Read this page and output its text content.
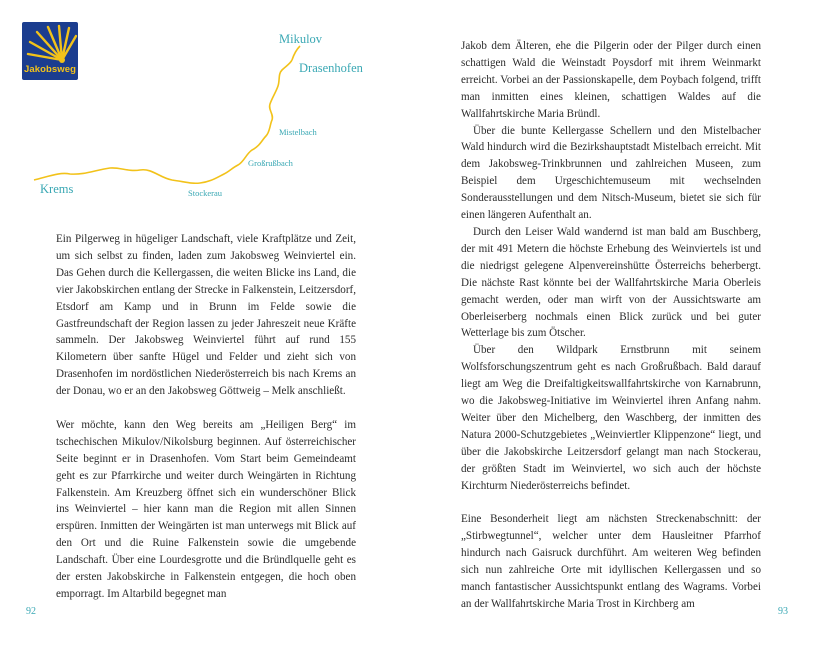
Jakobsweg
Mikulov
Drasenhofen
Mistelbach
Großrußbach
Krems	Stockerau

Ein Pilgerweg in hügeliger Landschaft, viele Kraftplätze und Zeit, um sich selbst zu finden, laden zum Jakobsweg Weinviertel ein. Das Gehen durch die Kellergassen, die weiten Blicke ins Land, die vier Jakobskirchen entlang der Strecke in Falkenstein, Leitzersdorf, Etsdorf am Kamp und in Brunn im Felde sowie die Gastfreundschaft der Region lassen zu jeder Jahreszeit neue Kräfte sammeln. Der Jakobsweg Weinviertel führt auf rund 155 Kilometern über sanfte Hügel und Felder und zieht sich von Drasenhofen im nordöstlichen Niederösterreich bis nach Krems an der Donau, wo er an den Jakobsweg Göttweig – Melk anschließt.

Wer möchte, kann den Weg bereits am „Heiligen Berg“ im tschechischen Mikulov/Nikolsburg beginnen. Auf österreichischer Seite beginnt er in Drasenhofen. Vom Start beim Gemeindeamt geht es zur Pfarrkirche und weiter durch Weingärten in Richtung Falkenstein. Am Kreuzberg öffnet sich ein wunderschöner Blick ins Weinviertel – hier kann man die Region mit allen Sinnen erspüren. Inmitten der Weingärten ist man unterwegs mit Blick auf den Ort und die Ruine Falkenstein sowie die umgebende Landschaft. Über eine Lourdesgrotte und die Bründlquelle geht es der ersten Jakobskirche in Falkenstein entgegen, die hoch oben emporragt. Im Altarbild begegnet man

92

Jakob dem Älteren, ehe die Pilgerin oder der Pilger durch einen schattigen Wald die Weinstadt Poysdorf mit ihrem Weinmarkt erreicht. Vorbei an der Passionskapelle, dem Poybach folgend, trifft man inmitten eines kleinen, schattigen Waldes auf die Wallfahrtskirche Maria Bründl.

Über die bunte Kellergasse Schellern und den Mistelbacher Wald hindurch wird die Bezirkshauptstadt Mistelbach erreicht. Mit dem Jakobsweg-Trinkbrunnen und zahlreichen Museen, zum Beispiel dem Urgeschichtemuseum mit wechselnden Sonderausstellungen und dem Nitsch-Museum, bietet sie sich für einen längeren Aufenthalt an.

Durch den Leiser Wald wandernd ist man bald am Buschberg, der mit 491 Metern die höchste Erhebung des Weinviertels ist und die niedrigst gelegene Alpenvereinshütte Österreichs beherbergt. Die nächste Rast könnte bei der Wallfahrtskirche Maria Oberleis gemacht werden, oder man wirft von der Aussichtswarte am Oberleiserberg nochmals einen Blick zurück und bei guter Wetterlage bis zum Ötscher.

Über den Wildpark Ernstbrunn mit seinem Wolfsforschungszentrum geht es nach Großrußbach. Bald darauf liegt am Weg die Dreifaltigkeitswallfahrtskirche von Karnabrunn, wo die Jakobsweg-Initiative im Weinviertel ihren Anfang nahm. Weiter über den Michelberg, den Waschberg, der inmitten des Natura 2000-Schutzgebietes „Weinviertler Klippenzone“ liegt, und über die Jakobskirche Leitzersdorf gelangt man nach Stockerau, der größten Stadt im Weinviertel, wo sich auch der höchste Kirchturm Niederösterreichs befindet.

Eine Besonderheit liegt am nächsten Streckenabschnitt: der „Stirbwegtunnel“, welcher unter dem Hausleitner Pfarrhof hindurch nach Gaisruck durchführt. Am weiteren Weg befinden sich nun zahlreiche Orte mit idyllischen Kellergassen und so manch fantastischer Aussichtspunkt entlang des Wagrams. Vorbei an der Wallfahrtskirche Maria Trost in Kirchberg am

93
